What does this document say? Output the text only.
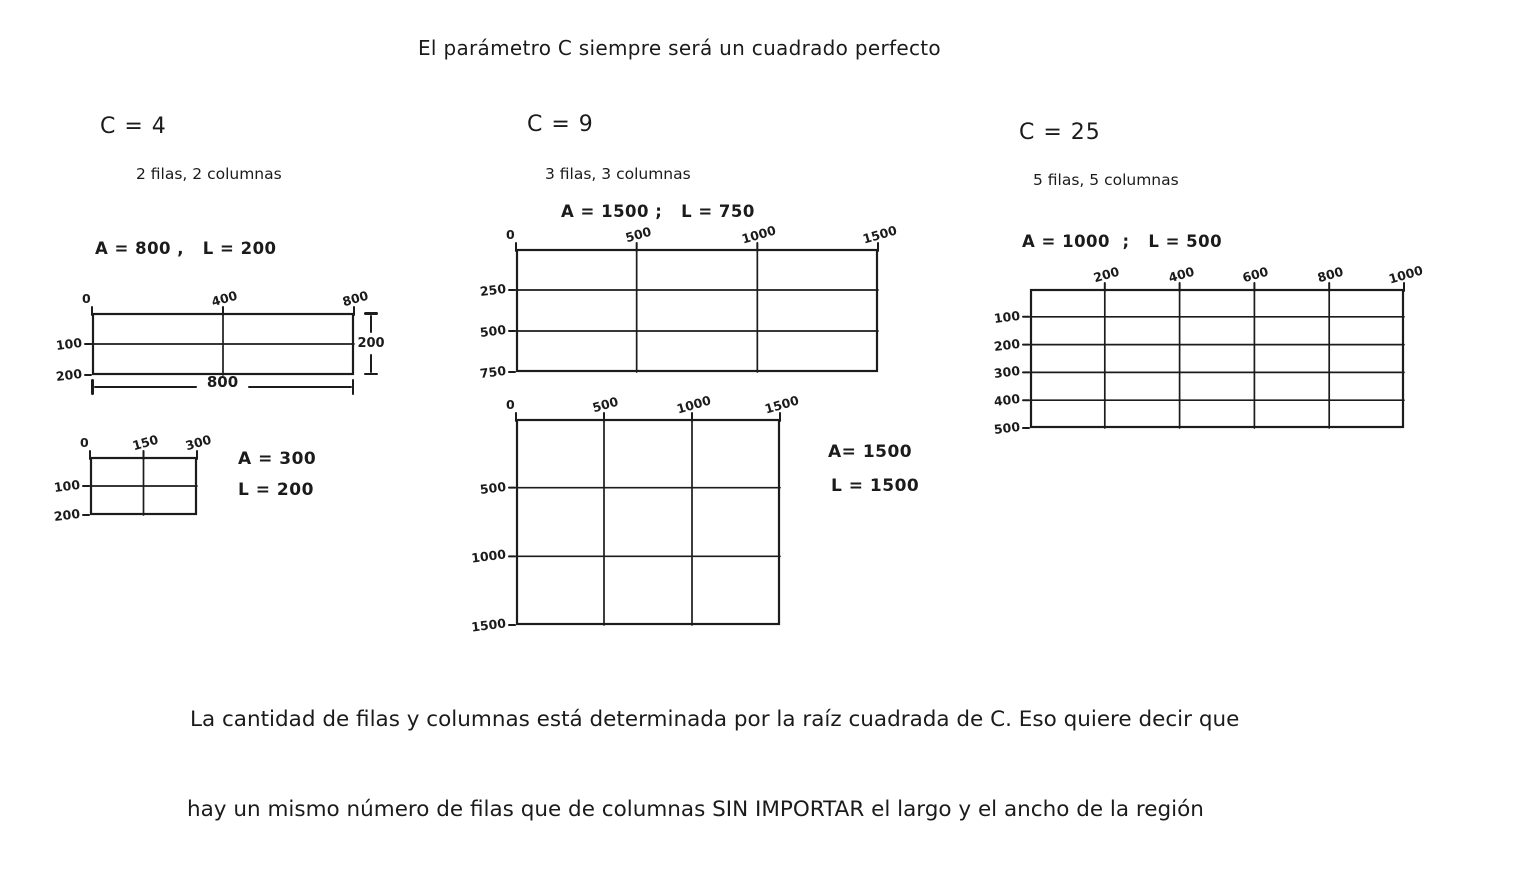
El parámetro C siempre será un cuadrado perfecto
C = 4
2 filas, 2 columnas
A = 800 ,   L = 200
0	400	800
100
200	800
200
0	150 300
100
200
A = 300
L = 200
C = 9
3 filas, 3 columnas
A = 1500 ;   L = 750
0	500	1000	1500
250
500
750
0	500	1000	1500
500
1000
1500
A= 1500
L = 1500
C = 25
5 filas, 5 columnas
A = 1000  ;   L = 500
200	400	600	800	1000
100
200
300
400
500

La cantidad de filas y columnas está determinada por la raíz cuadrada de C. Eso quiere decir que

hay un mismo número de filas que de columnas SIN IMPORTAR el largo y el ancho de la región
